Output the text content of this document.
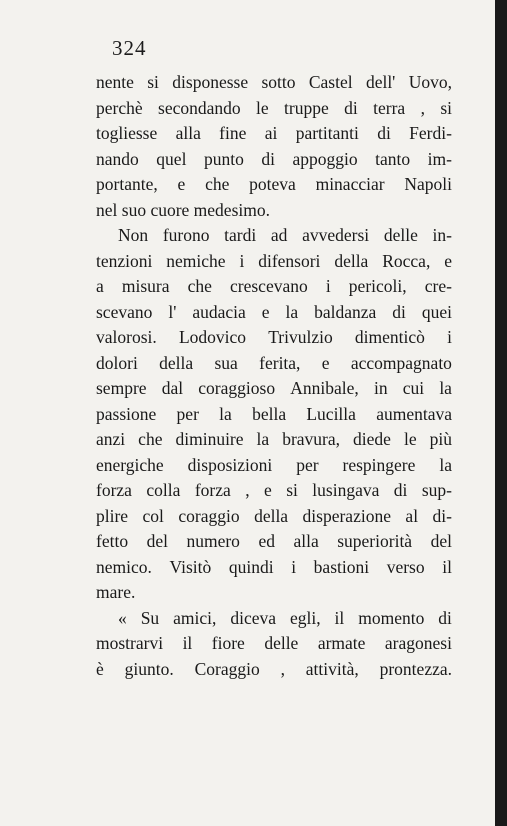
324
nente si disponesse sotto Castel dell' Uovo,
perchè secondando le truppe di terra , si
togliesse alla fine ai partitanti di Ferdi-
nando quel punto di appoggio tanto im-
portante, e che poteva minacciar Napoli
nel suo cuore medesimo.
Non furono tardi ad avvedersi delle in-
tenzioni nemiche i difensori della Rocca, e
a misura che crescevano i pericoli, cre-
scevano l' audacia e la baldanza di quei
valorosi. Lodovico Trivulzio dimenticò i
dolori della sua ferita, e accompagnato
sempre dal coraggioso Annibale, in cui la
passione per la bella Lucilla aumentava
anzi che diminuire la bravura, diede le più
energiche disposizioni per respingere la
forza colla forza , e si lusingava di sup-
plire col coraggio della disperazione al di-
fetto del numero ed alla superiorità del
nemico. Visitò quindi i bastioni verso il
mare.
« Su amici, diceva egli, il momento di
mostrarvi il fiore delle armate aragonesi
è giunto. Coraggio , attività, prontezza.
